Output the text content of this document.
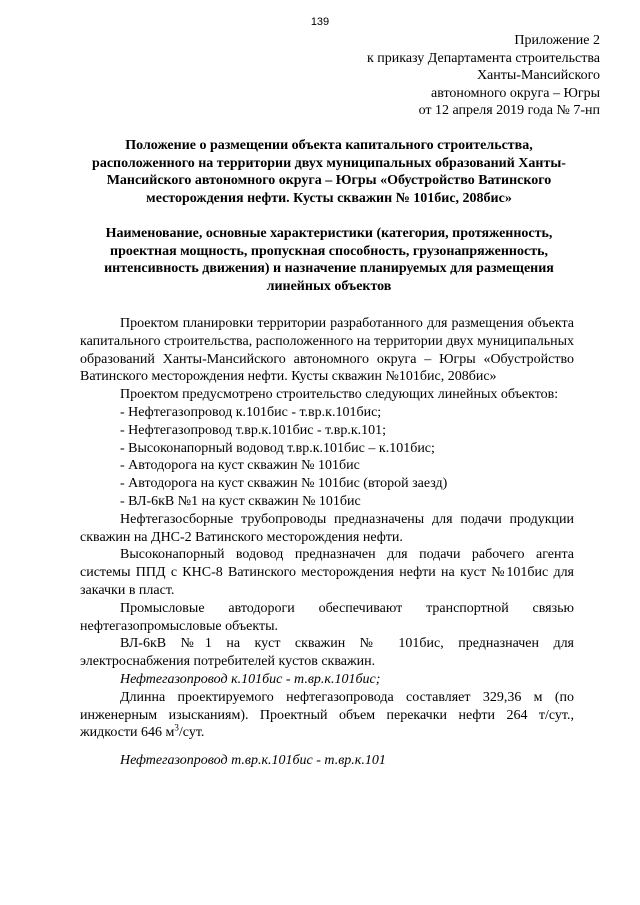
139
Приложение 2
к приказу Департамента строительства
Ханты-Мансийского
автономного округа – Югры
от 12 апреля 2019 года № 7-нп
Положение о размещении объекта капитального строительства, расположенного на территории двух муниципальных образований Ханты-Мансийского автономного округа – Югры «Обустройство Ватинского месторождения нефти. Кусты скважин № 101бис, 208бис»
Наименование, основные характеристики (категория, протяженность, проектная мощность, пропускная способность, грузонапряженность, интенсивность движения) и назначение планируемых для размещения линейных объектов

Проектом планировки территории разработанного для размещения объекта капитального строительства, расположенного на территории двух муниципальных образований Ханты-Мансийского автономного округа – Югры «Обустройство Ватинского месторождения нефти. Кусты скважин №101бис, 208бис»

Проектом предусмотрено строительство следующих линейных объектов:

- Нефтегазопровод к.101бис - т.вр.к.101бис;

- Нефтегазопровод т.вр.к.101бис - т.вр.к.101;

- Высоконапорный водовод т.вр.к.101бис – к.101бис;

- Автодорога на куст скважин № 101бис

- Автодорога на куст скважин № 101бис (второй заезд)

- ВЛ-6кВ №1 на куст скважин № 101бис

Нефтегазосборные трубопроводы предназначены для подачи продукции скважин на ДНС-2 Ватинского месторождения нефти.

Высоконапорный водовод предназначен для подачи рабочего агента системы ППД с КНС-8 Ватинского месторождения нефти на куст №101бис для закачки в пласт.

Промысловые автодороги обеспечивают транспортной связью нефтегазопромысловые объекты.

ВЛ-6кВ №1 на куст скважин № 101бис, предназначен для электроснабжения потребителей кустов скважин.

Нефтегазопровод к.101бис - т.вр.к.101бис;

Длинна проектируемого нефтегазопровода составляет 329,36 м (по инженерным изысканиям). Проектный объем перекачки нефти 264 т/сут., жидкости 646 $м^3$/сут.

Нефтегазопровод т.вр.к.101бис - т.вр.к.101
